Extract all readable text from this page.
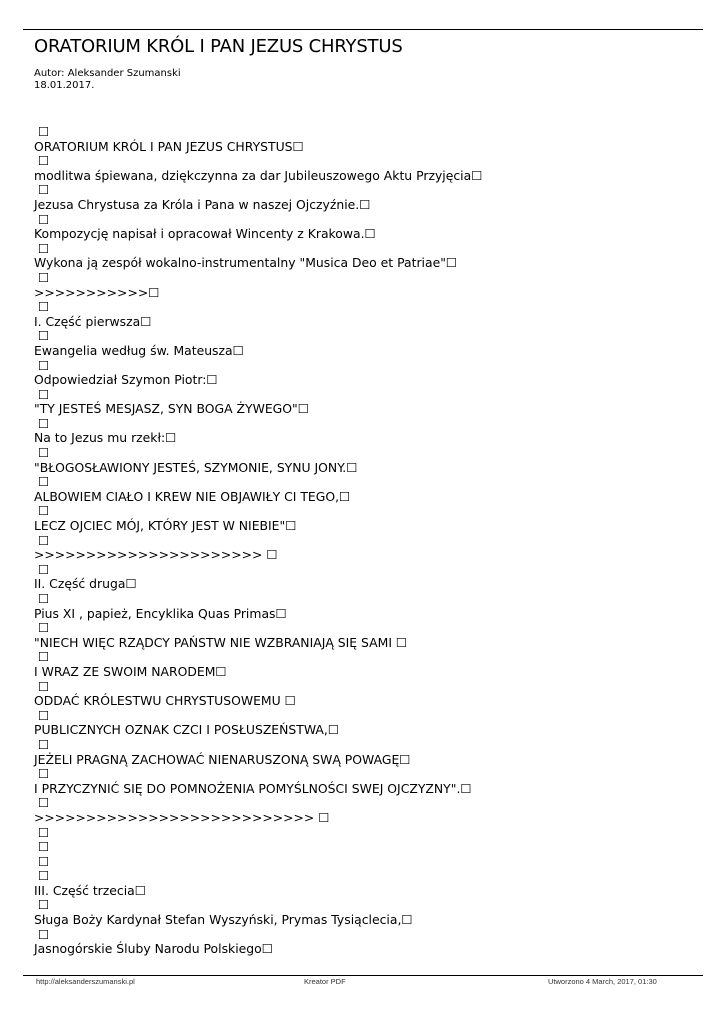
ORATORIUM KRÓL I PAN JEZUS CHRYSTUS
Autor: Aleksander Szumanski
18.01.2017.
☐
ORATORIUM KRÓL I PAN JEZUS CHRYSTUS☐
☐
modlitwa śpiewana, dziękczynna za dar Jubileuszowego Aktu Przyjęcia☐
☐
Jezusa Chrystusa za Króla i Pana w naszej Ojczyźnie.☐
☐
Kompozycję napisał i opracował Wincenty z Krakowa.☐
☐
Wykona ją zespół wokalno-instrumentalny "Musica Deo et Patriae"☐
☐
>>>>>>>>>>>☐
☐
I. Część pierwsza☐
☐
Ewangelia według św. Mateusza☐
☐
Odpowiedział Szymon Piotr:☐
☐
"TY JESTEŚ MESJASZ, SYN BOGA ŻYWEGO"☐
☐
Na to Jezus mu rzekł:☐
☐
"BŁOGOSŁAWIONY JESTEŚ, SZYMONIE, SYNU JONY.☐
☐
ALBOWIEM CIAŁO I KREW NIE OBJAWIŁY CI TEGO,☐
☐
LECZ OJCIEC MÓJ, KTÓRY JEST W NIEBIE"☐
☐
>>>>>>>>>>>>>>>>>>>>>> ☐
☐
II. Część druga☐
☐
Pius XI , papież, Encyklika Quas Primas☐
☐
"NIECH WIĘC RZĄDCY PAŃSTW NIE WZBRANIAJĄ SIĘ SAMI ☐
☐
I WRAZ ZE SWOIM NARODEM☐
☐
ODDAĆ KRÓLESTWU CHRYSTUSOWEMU ☐
☐
PUBLICZNYCH OZNAK CZCI I POSŁUSZEŃSTWA,☐
☐
JEŻELI PRAGNĄ ZACHOWAĆ NIENARUSZONĄ SWĄ POWAGĘ☐
☐
I PRZYCZYNIĆ SIĘ DO POMNOŻENIA POMYŚLNOŚCI SWEJ OJCZYZNY".☐
☐
>>>>>>>>>>>>>>>>>>>>>>>>>>> ☐
☐
☐
☐
☐
III. Część trzecia☐
☐
Sługa Boży Kardynał Stefan Wyszyński, Prymas Tysiąclecia,☐
☐
Jasnogórskie Śluby Narodu Polskiego☐
http://aleksanderszumanski.pl	Kreator PDF	Utworzono 4 March, 2017, 01:30
